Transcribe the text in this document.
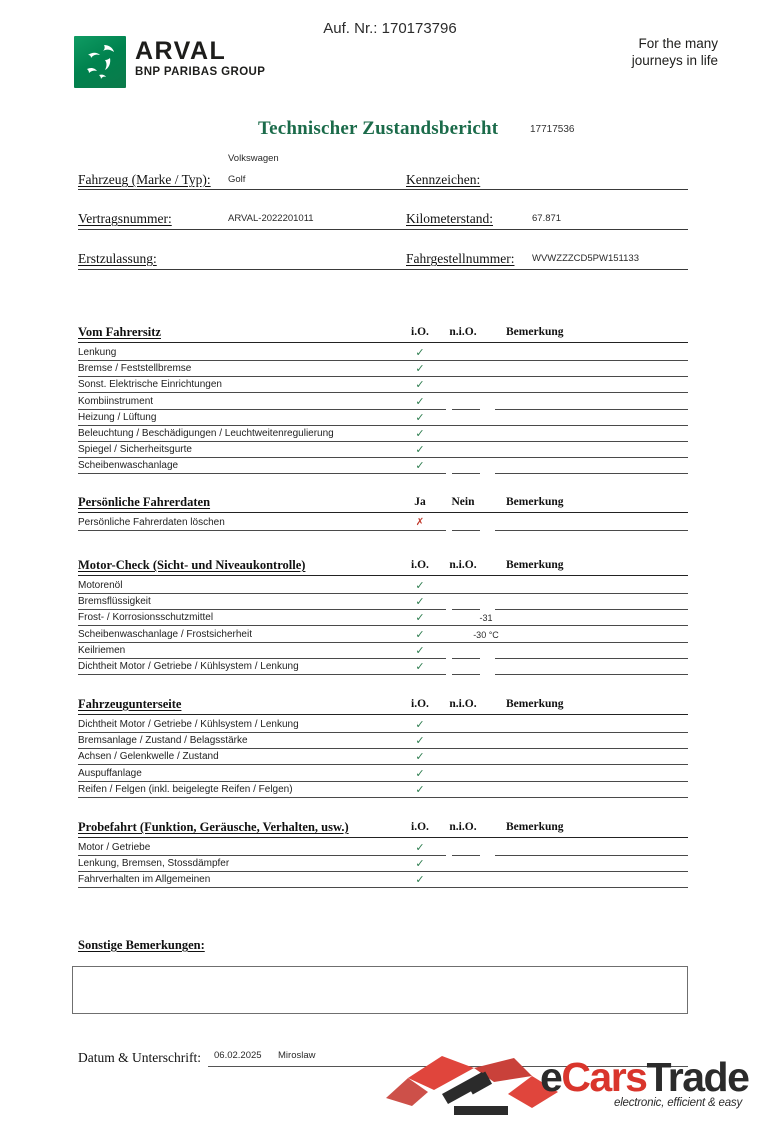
ARVAL
BNP PARIBAS GROUP
Auf. Nr.: 170173796
For the many
journeys in life
Technischer Zustandsbericht	17717536
Fahrzeug (Marke / Typ):
Volkswagen
Golf	Kennzeichen:
Vertragsnummer:	ARVAL-2022201011	Kilometerstand:	67.871
Erstzulassung:	Fahrgestellnummer: WVWZZZCD5PW151133
Vom Fahrersitz	i.O.	n.i.O.	Bemerkung
Lenkung	✓
Bremse / Feststellbremse	✓
Sonst. Elektrische Einrichtungen	✓
Kombiinstrument	✓
Heizung / Lüftung	✓
Beleuchtung / Beschädigungen / Leuchtweitenregulierung	✓
Spiegel / Sicherheitsgurte	✓
Scheibenwaschanlage	✓
Persönliche Fahrerdaten	Ja	Nein	Bemerkung
Persönliche Fahrerdaten löschen	✗
Motor-Check (Sicht- und Niveaukontrolle)	i.O.	n.i.O.	Bemerkung
Motorenöl	✓
Bremsflüssigkeit	✓
Frost- / Korrosionsschutzmittel	✓	-31
Scheibenwaschanlage / Frostsicherheit	✓	-30 °C
Keilriemen	✓
Dichtheit Motor / Getriebe / Kühlsystem / Lenkung	✓
Fahrzeugunterseite	i.O.	n.i.O.	Bemerkung
Dichtheit Motor / Getriebe / Kühlsystem / Lenkung	✓
Bremsanlage / Zustand / Belagsstärke	✓
Achsen / Gelenkwelle / Zustand	✓
Auspuffanlage	✓
Reifen / Felgen (inkl. beigelegte Reifen / Felgen)	✓
Probefahrt (Funktion, Geräusche, Verhalten, usw.)	i.O.	n.i.O.	Bemerkung
Motor / Getriebe	✓
Lenkung, Bremsen, Stossdämpfer	✓
Fahrverhalten im Allgemeinen	✓
Sonstige Bemerkungen:
Datum & Unterschrift: 06.02.2025 Miroslaw	eCarsTrade
electronic, efficient & easy
